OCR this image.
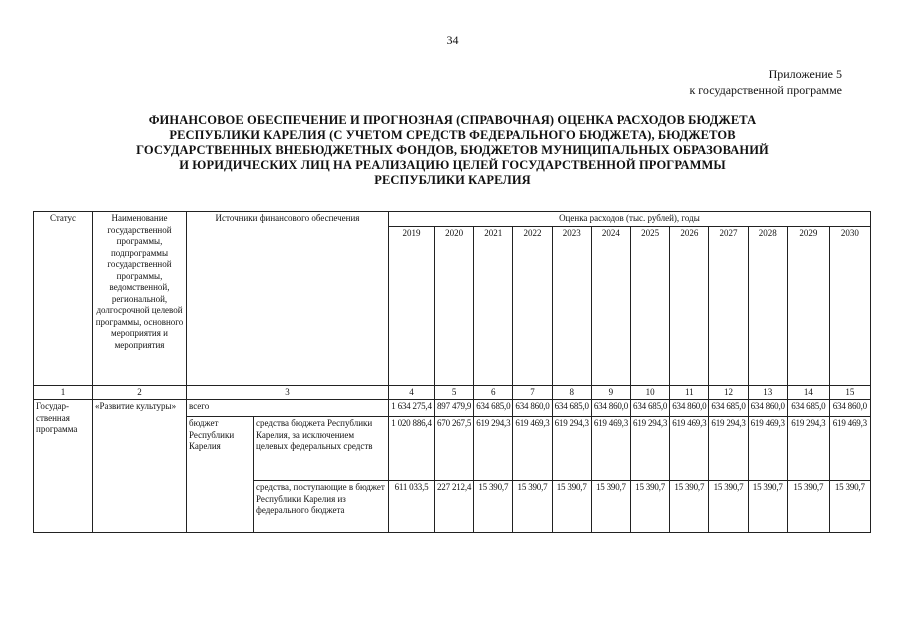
34
Приложение 5
к государственной программе
ФИНАНСОВОЕ ОБЕСПЕЧЕНИЕ И ПРОГНОЗНАЯ (СПРАВОЧНАЯ) ОЦЕНКА РАСХОДОВ БЮДЖЕТА
РЕСПУБЛИКИ КАРЕЛИЯ (С УЧЕТОМ СРЕДСТВ ФЕДЕРАЛЬНОГО БЮДЖЕТА), БЮДЖЕТОВ
ГОСУДАРСТВЕННЫХ ВНЕБЮДЖЕТНЫХ ФОНДОВ, БЮДЖЕТОВ МУНИЦИПАЛЬНЫХ ОБРАЗОВАНИЙ
И ЮРИДИЧЕСКИХ ЛИЦ НА РЕАЛИЗАЦИЮ ЦЕЛЕЙ ГОСУДАРСТВЕННОЙ ПРОГРАММЫ
РЕСПУБЛИКИ КАРЕЛИЯ
Статус	Наименование государственной программы, подпрограммы государственной программы, ведомственной, региональной, долгосрочной целевой программы, основного мероприятия и мероприятия	Источники финансового обеспечения		Оценка расходов (тыс. рублей), годы											
				2019	2020	2021	2022	2023	2024	2025	2026	2027	2028	2029	2030
1	2	3		4	5	6	7	8	9	10	11	12	13	14	15
Государ-ственная программа	«Развитие культуры»	всего		1 634 275,4	897 479,9	634 685,0	634 860,0	634 685,0	634 860,0	634 685,0	634 860,0	634 685,0	634 860,0	634 685,0	634 860,0
		бюджет Республики Карелия	средства бюджета Республики Карелия, за исключением целевых федеральных средств	1 020 886,4	670 267,5	619 294,3	619 469,3	619 294,3	619 469,3	619 294,3	619 469,3	619 294,3	619 469,3	619 294,3	619 469,3
			средства, поступающие в бюджет Республики Карелия из федерального бюджета	611 033,5	227 212,4	15 390,7	15 390,7	15 390,7	15 390,7	15 390,7	15 390,7	15 390,7	15 390,7	15 390,7	15 390,7
